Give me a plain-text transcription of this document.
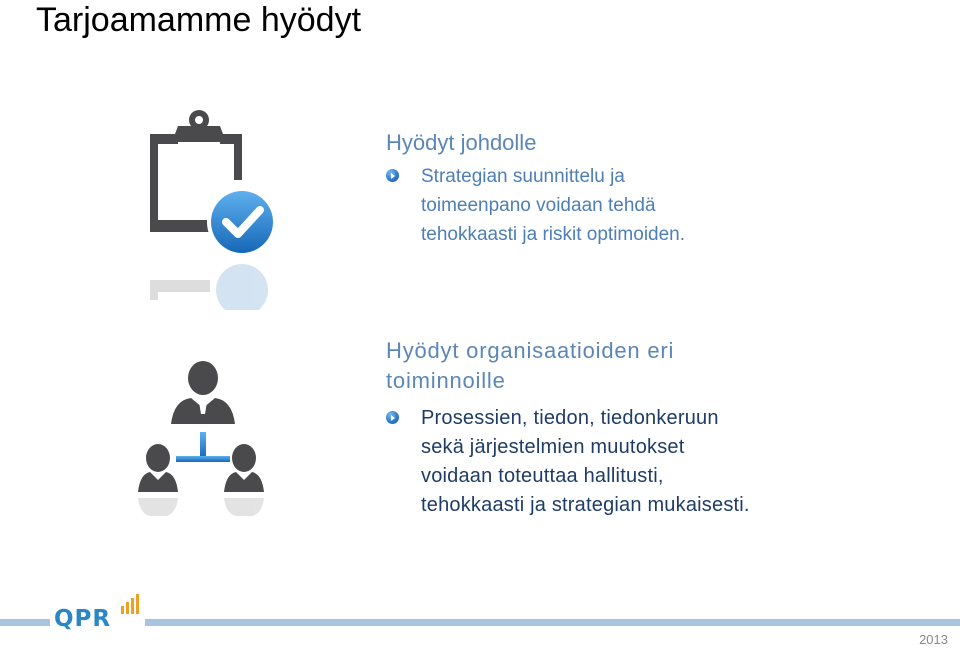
Tarjoamamme hyödyt

Hyödyt johdolle

Strategian suunnittelu ja
toimeenpano voidaan tehdä
tehokkaasti ja riskit optimoiden.

Hyödyt organisaatioiden eri
toiminnoille

Prosessien, tiedon, tiedonkeruun
sekä järjestelmien muutokset
voidaan toteuttaa hallitusti,
tehokkaasti ja strategian mukaisesti.

QPR
2013
